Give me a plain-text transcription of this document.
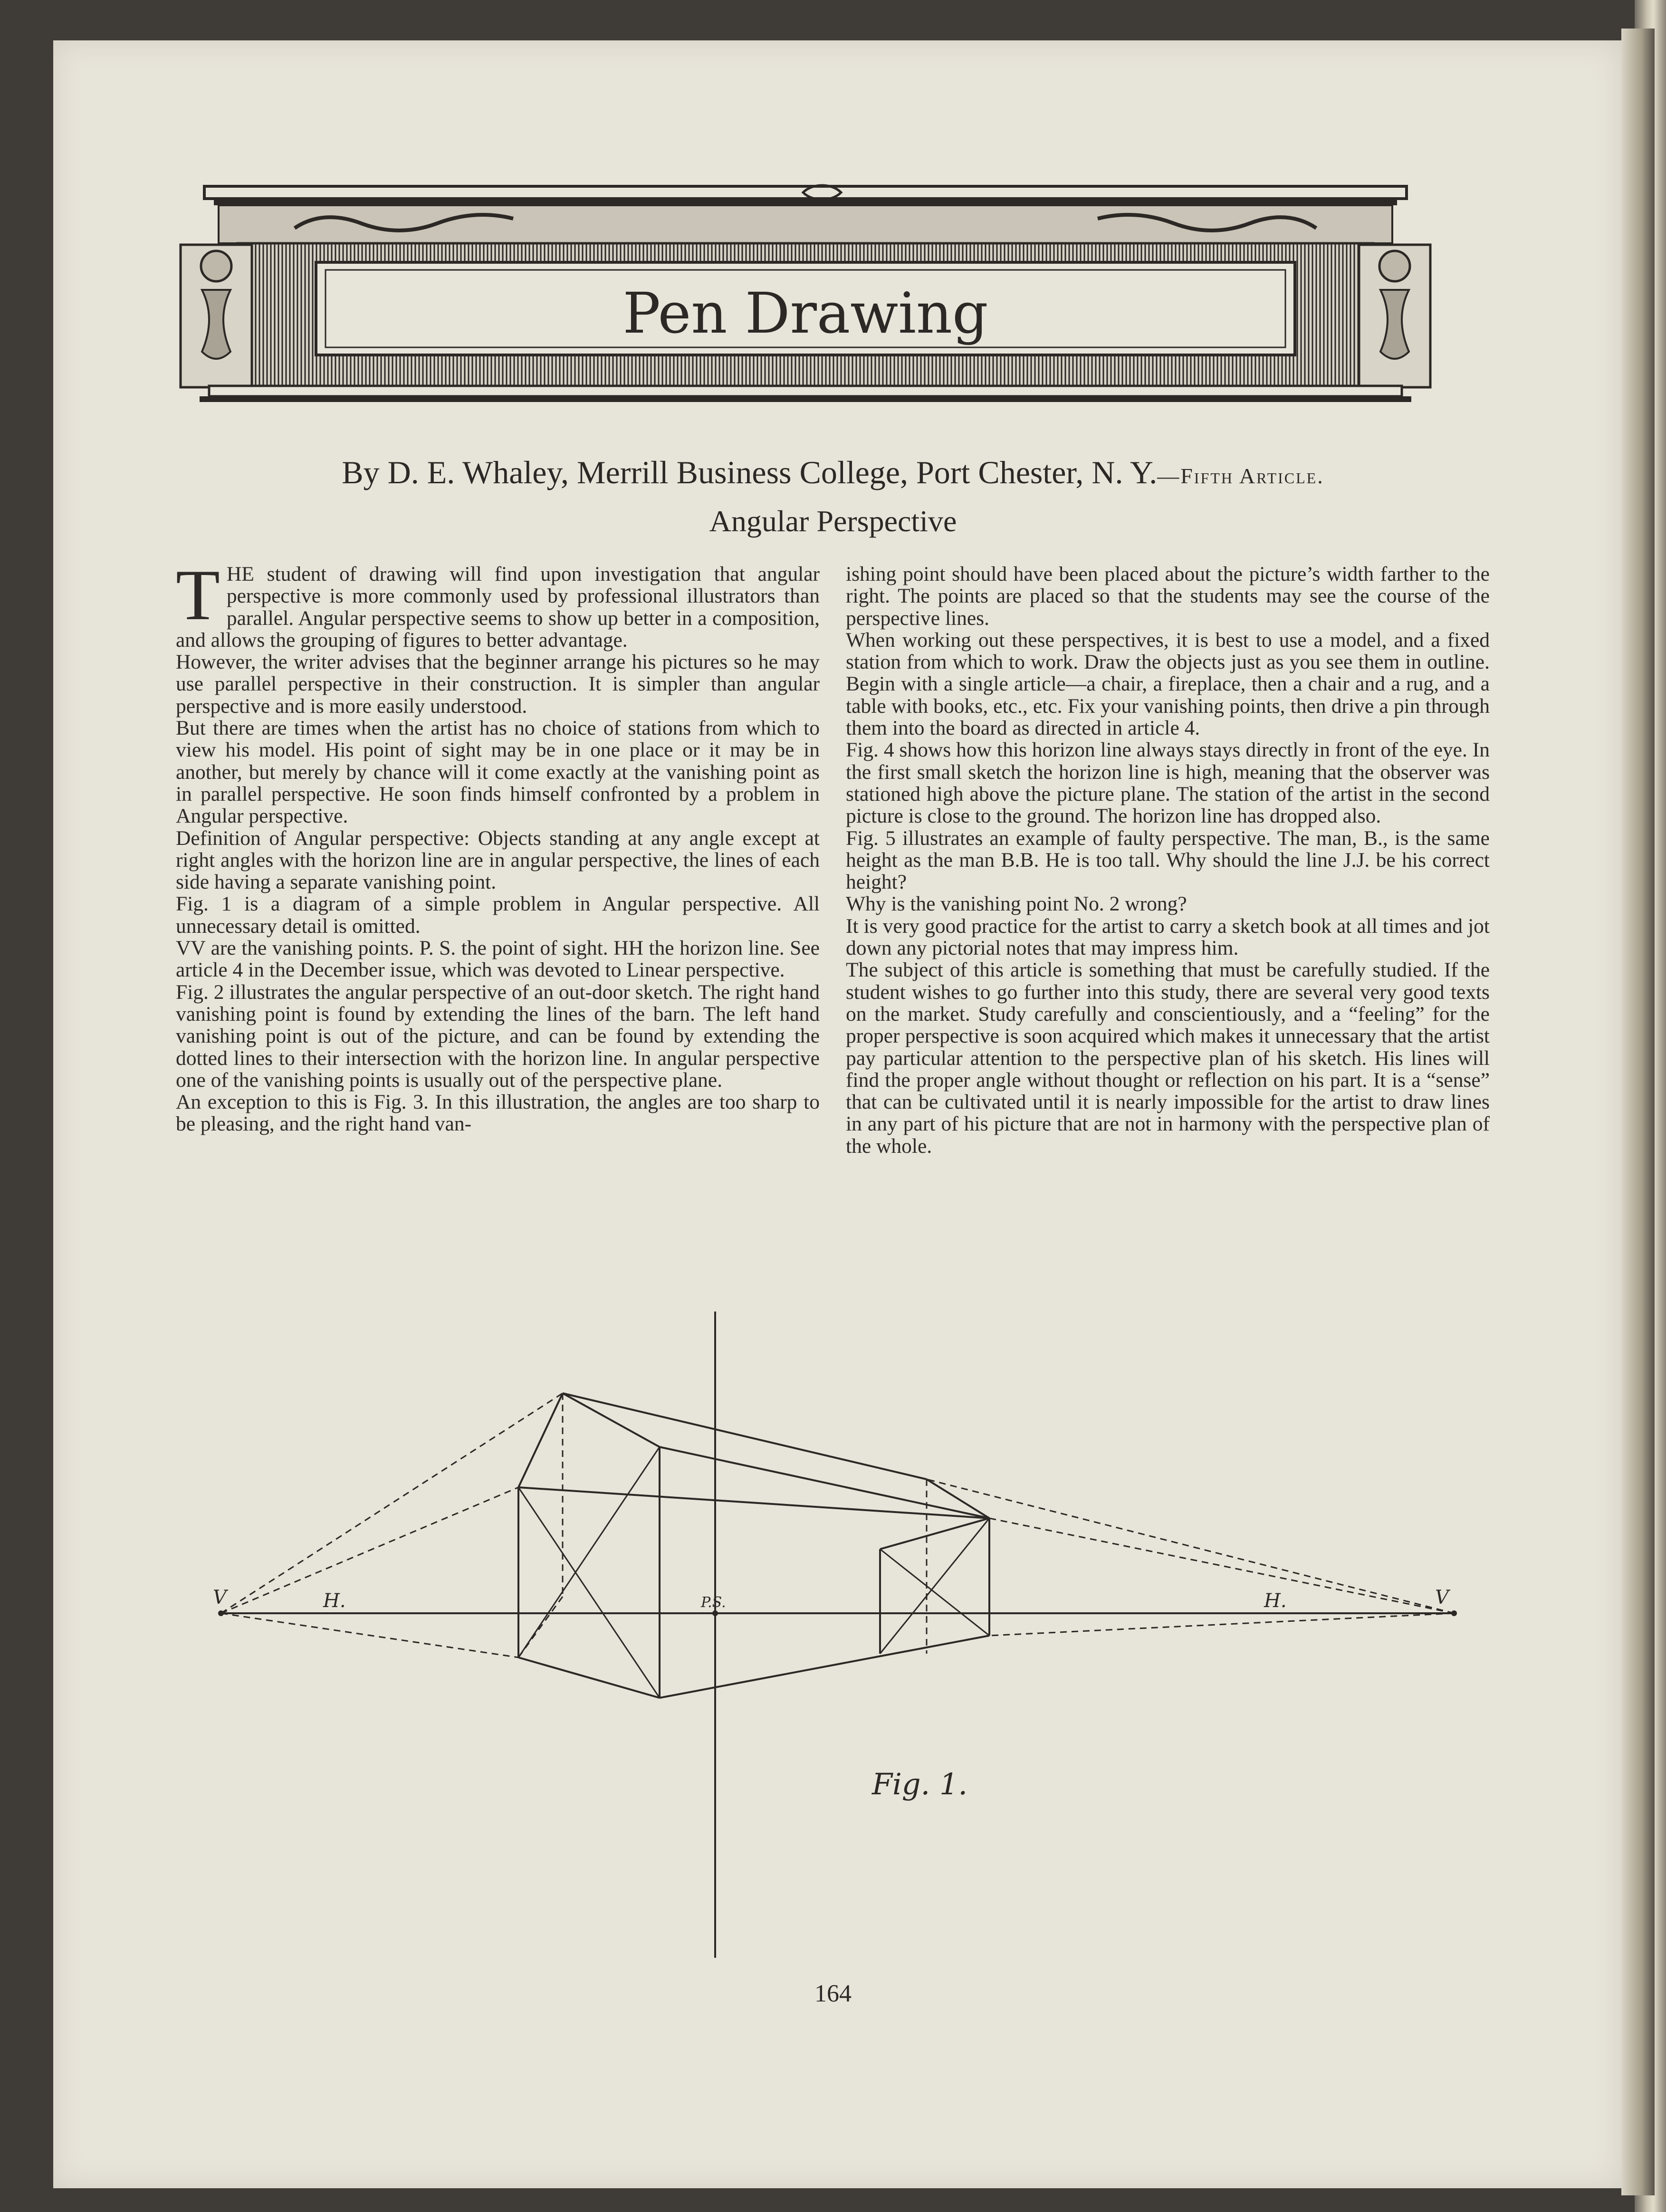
Pen Drawing
By D. E. Whaley, Merrill Business College, Port Chester, N. Y.—Fifth Article.
Angular Perspective

THE student of drawing will find upon investigation that angular perspective is more commonly used by professional illustrators than parallel. Angular perspective seems to show up better in a composition, and allows the grouping of figures to better advantage.

However, the writer advises that the beginner arrange his pictures so he may use parallel perspective in their construction. It is simpler than angular perspective and is more easily understood.

But there are times when the artist has no choice of stations from which to view his model. His point of sight may be in one place or it may be in another, but merely by chance will it come exactly at the vanishing point as in parallel perspective. He soon finds himself confronted by a problem in Angular perspective.

Definition of Angular perspective: Objects standing at any angle except at right angles with the horizon line are in angular perspective, the lines of each side having a separate vanishing point.

Fig. 1 is a diagram of a simple problem in Angular perspective. All unnecessary detail is omitted.

VV are the vanishing points. P. S. the point of sight. HH the horizon line. See article 4 in the December issue, which was devoted to Linear perspective.

Fig. 2 illustrates the angular perspective of an out-door sketch. The right hand vanishing point is found by extending the lines of the barn. The left hand vanishing point is out of the picture, and can be found by extending the dotted lines to their intersection with the horizon line. In angular perspective one of the vanishing points is usually out of the perspective plane.

An exception to this is Fig. 3. In this illustration, the angles are too sharp to be pleasing, and the right hand van-

ishing point should have been placed about the picture’s width farther to the right. The points are placed so that the students may see the course of the perspective lines.

When working out these perspectives, it is best to use a model, and a fixed station from which to work. Draw the objects just as you see them in outline. Begin with a single article—a chair, a fireplace, then a chair and a rug, and a table with books, etc., etc. Fix your vanishing points, then drive a pin through them into the board as directed in article 4.

Fig. 4 shows how this horizon line always stays directly in front of the eye. In the first small sketch the horizon line is high, meaning that the observer was stationed high above the picture plane. The station of the artist in the second picture is close to the ground. The horizon line has dropped also.

Fig. 5 illustrates an example of faulty perspective. The man, B., is the same height as the man B.B. He is too tall. Why should the line J.J. be his correct height?

Why is the vanishing point No. 2 wrong?

It is very good practice for the artist to carry a sketch book at all times and jot down any pictorial notes that may impress him.

The subject of this article is something that must be carefully studied. If the student wishes to go further into this study, there are several very good texts on the market. Study carefully and conscientiously, and a “feeling” for the proper perspective is soon acquired which makes it unnecessary that the artist pay particular attention to the perspective plan of his sketch. His lines will find the proper angle without thought or reflection on his part. It is a “sense” that can be cultivated until it is nearly impossible for the artist to draw lines in any part of his picture that are not in harmony with the perspective plan of the whole.

V	H.	P.S.	H.	V
Fig. 1.
164
